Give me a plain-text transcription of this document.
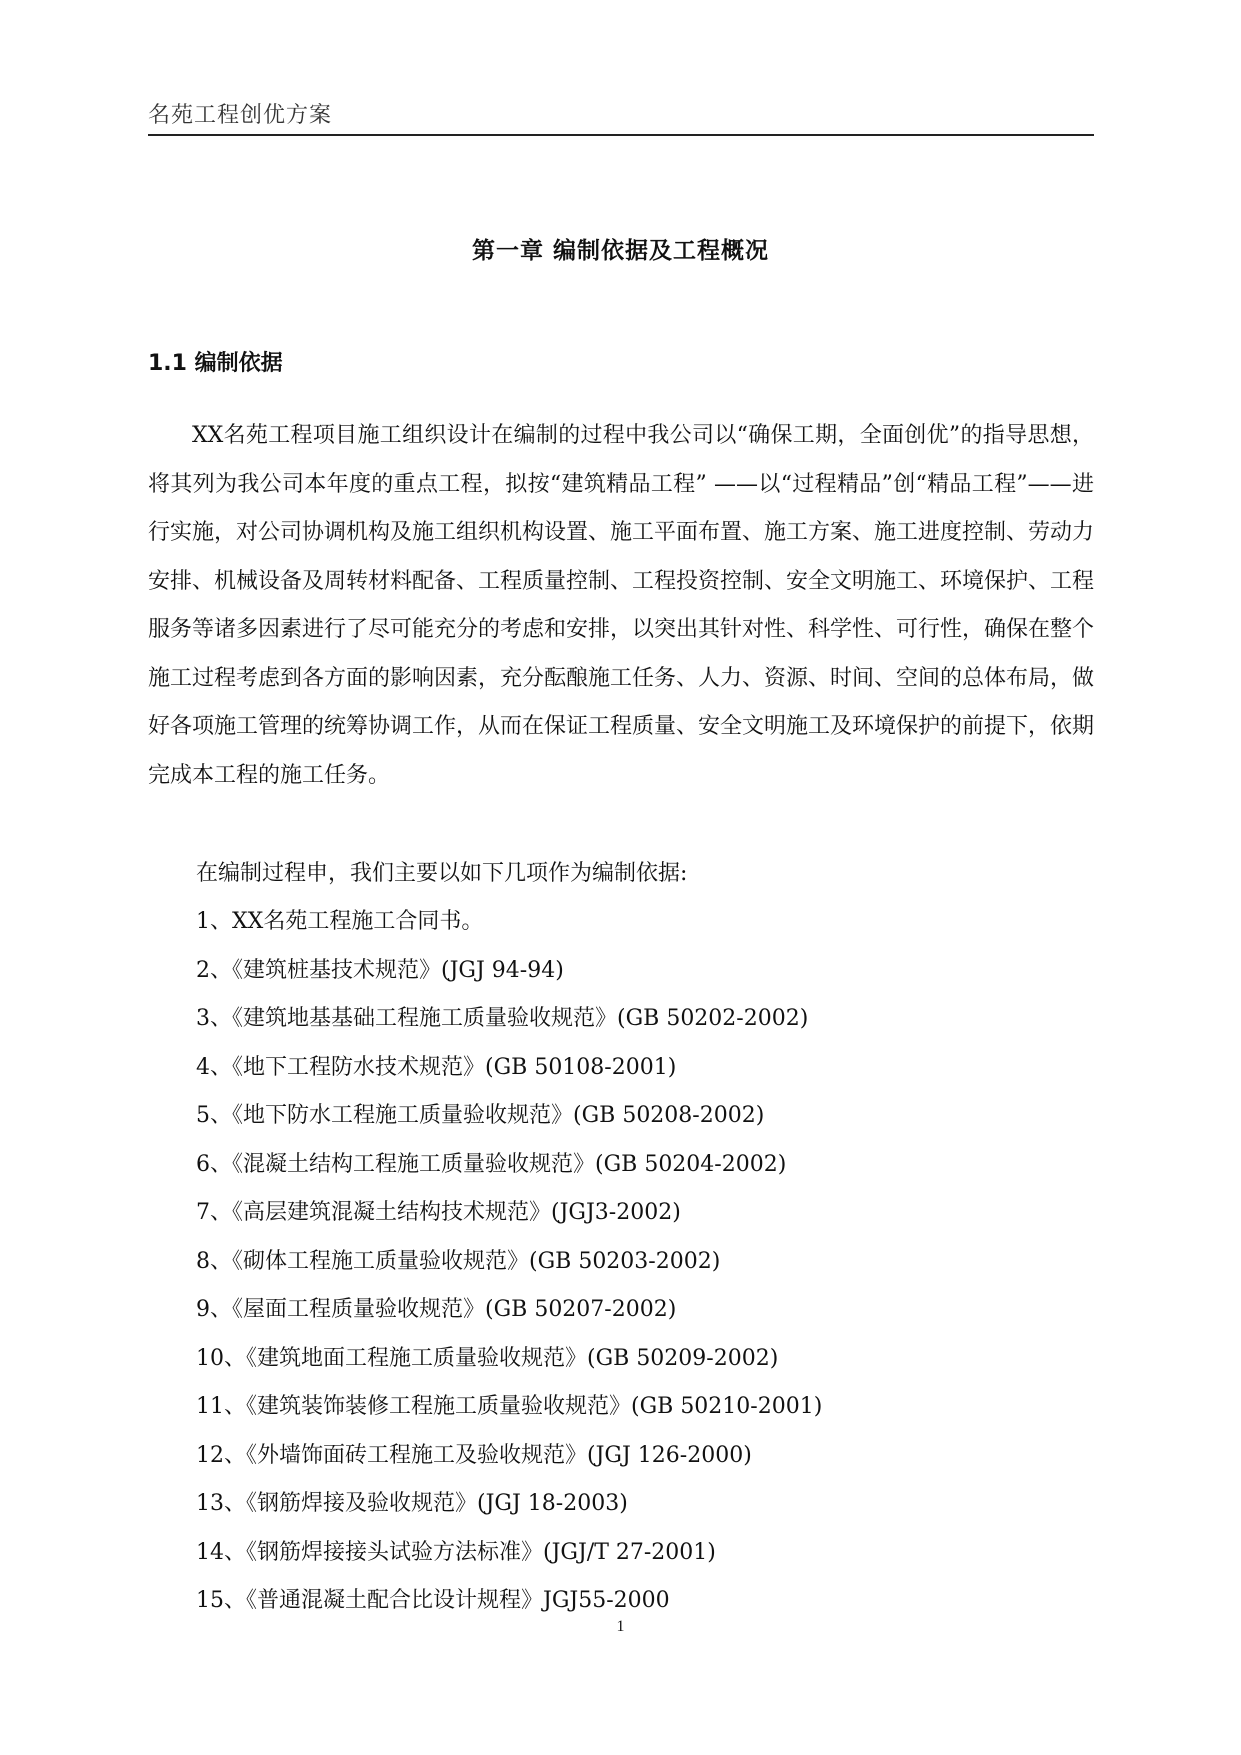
名苑工程创优方案
第一章 编制依据及工程概况
1.1 编制依据

XX名苑工程项目施工组织设计在编制的过程中我公司以“确保工期，全面创优”的指导思想，将其列为我公司本年度的重点工程，拟按“建筑精品工程” ——以“过程精品”创“精品工程”——进行实施，对公司协调机构及施工组织机构设置、施工平面布置、施工方案、施工进度控制、劳动力安排、机械设备及周转材料配备、工程质量控制、工程投资控制、安全文明施工、环境保护、工程服务等诸多因素进行了尽可能充分的考虑和安排，以突出其针对性、科学性、可行性，确保在整个施工过程考虑到各方面的影响因素，充分酝酿施工任务、人力、资源、时间、空间的总体布局，做好各项施工管理的统筹协调工作，从而在保证工程质量、安全文明施工及环境保护的前提下，依期完成本工程的施工任务。

在编制过程申，我们主要以如下几项作为编制依据:

1、XX名苑工程施工合同书。
2、《建筑桩基技术规范》(JGJ 94-94)
3、《建筑地基基础工程施工质量验收规范》(GB 50202-2002)
4、《地下工程防水技术规范》(GB 50108-2001)
5、《地下防水工程施工质量验收规范》(GB 50208-2002)
6、《混凝土结构工程施工质量验收规范》(GB 50204-2002)
7、《高层建筑混凝土结构技术规范》(JGJ3-2002)
8、《砌体工程施工质量验收规范》(GB 50203-2002)
9、《屋面工程质量验收规范》(GB 50207-2002)
10、《建筑地面工程施工质量验收规范》(GB 50209-2002)
11、《建筑装饰装修工程施工质量验收规范》(GB 50210-2001)
12、《外墙饰面砖工程施工及验收规范》(JGJ 126-2000)
13、《钢筋焊接及验收规范》(JGJ 18-2003)
14、《钢筋焊接接头试验方法标准》(JGJ/T 27-2001)
15、《普通混凝土配合比设计规程》JGJ55-2000
1
